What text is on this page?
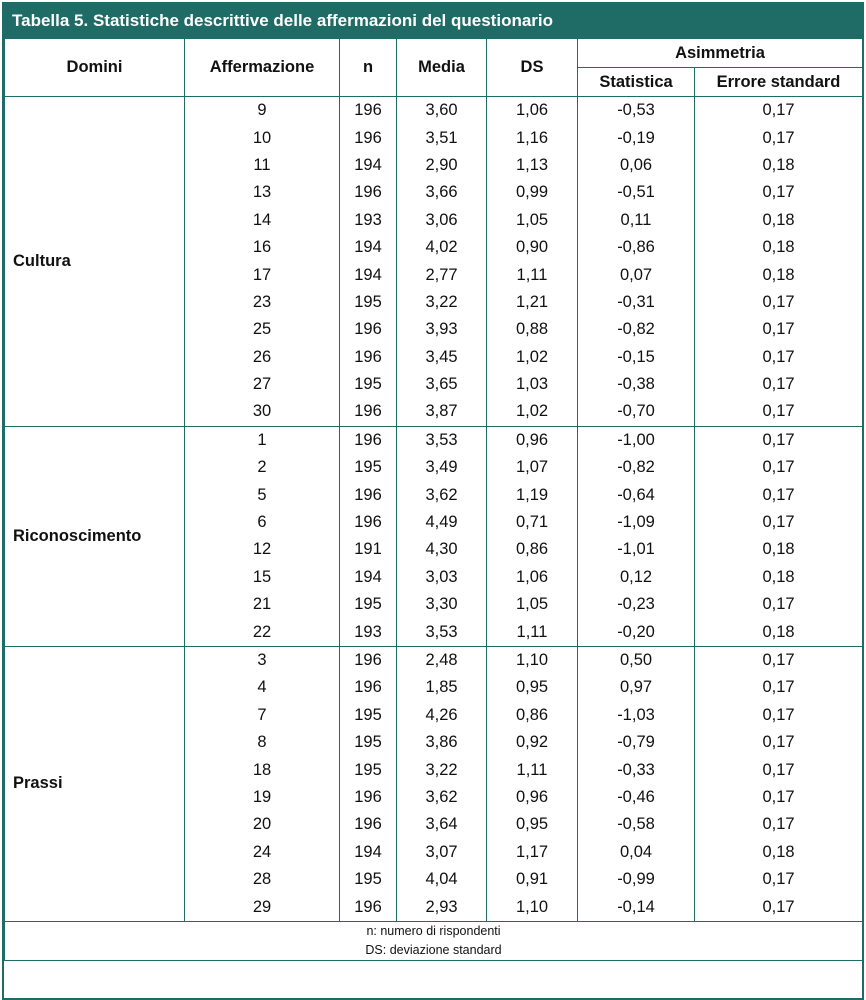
Tabella 5. Statistiche descrittive delle affermazioni del questionario
Domini	Affermazione	n	Media	DS	Asimmetria	
					Statistica	Errore standard
Cultura	9	196	3,60	1,06	-0,53	0,17
	10	196	3,51	1,16	-0,19	0,17
	11	194	2,90	1,13	0,06	0,18
	13	196	3,66	0,99	-0,51	0,17
	14	193	3,06	1,05	0,11	0,18
	16	194	4,02	0,90	-0,86	0,18
	17	194	2,77	1,11	0,07	0,18
	23	195	3,22	1,21	-0,31	0,17
	25	196	3,93	0,88	-0,82	0,17
	26	196	3,45	1,02	-0,15	0,17
	27	195	3,65	1,03	-0,38	0,17
	30	196	3,87	1,02	-0,70	0,17
Riconoscimento	1	196	3,53	0,96	-1,00	0,17
	2	195	3,49	1,07	-0,82	0,17
	5	196	3,62	1,19	-0,64	0,17
	6	196	4,49	0,71	-1,09	0,17
	12	191	4,30	0,86	-1,01	0,18
	15	194	3,03	1,06	0,12	0,18
	21	195	3,30	1,05	-0,23	0,17
	22	193	3,53	1,11	-0,20	0,18
Prassi	3	196	2,48	1,10	0,50	0,17
	4	196	1,85	0,95	0,97	0,17
	7	195	4,26	0,86	-1,03	0,17
	8	195	3,86	0,92	-0,79	0,17
	18	195	3,22	1,11	-0,33	0,17
	19	196	3,62	0,96	-0,46	0,17
	20	196	3,64	0,95	-0,58	0,17
	24	194	3,07	1,17	0,04	0,18
	28	195	4,04	0,91	-0,99	0,17
	29	196	2,93	1,10	-0,14	0,17

n: numero di rispondenti
DS: deviazione standard						
